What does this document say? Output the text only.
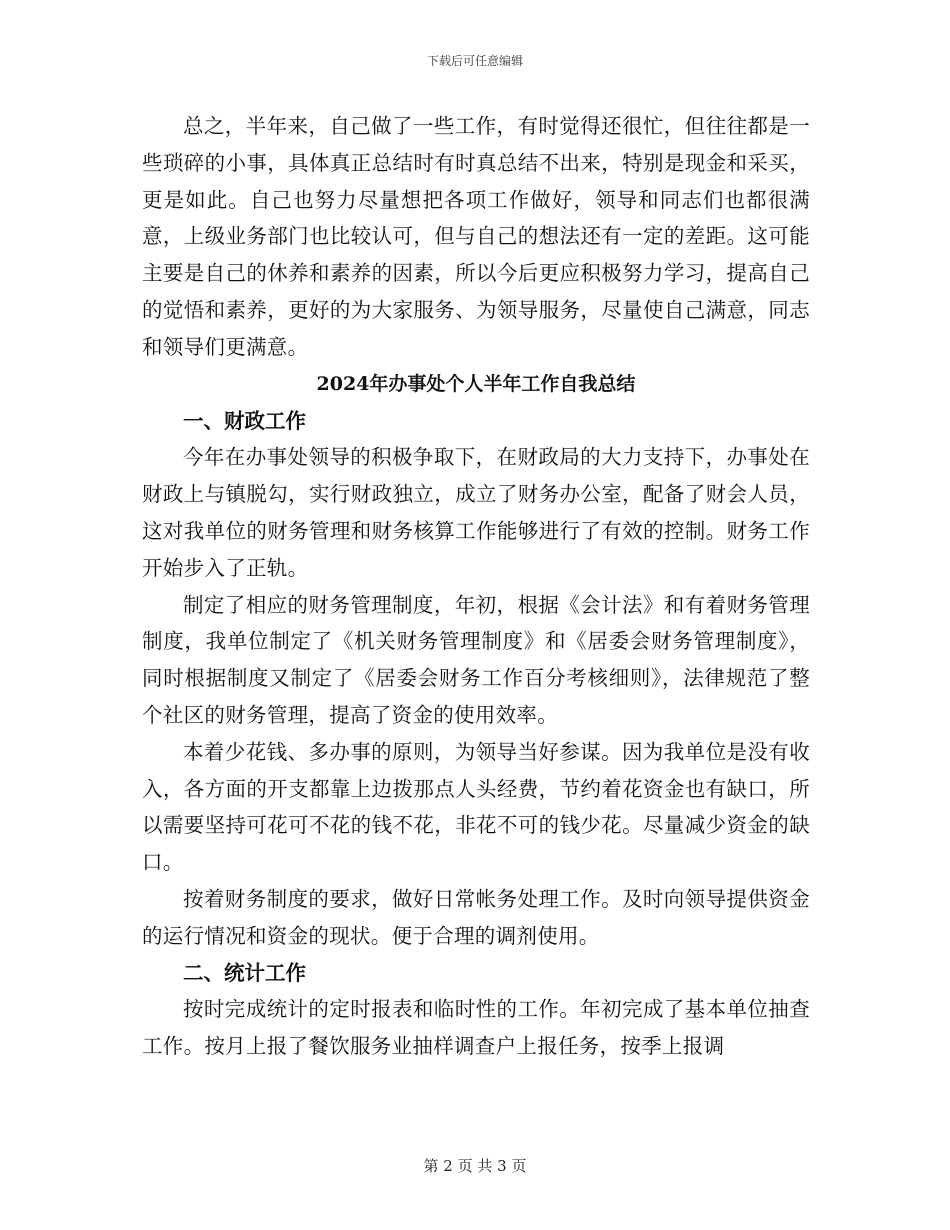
下载后可任意编辑

总之，半年来，自己做了一些工作，有时觉得还很忙，但往往都是一些琐碎的小事，具体真正总结时有时真总结不出来，特别是现金和采买，更是如此。自己也努力尽量想把各项工作做好，领导和同志们也都很满意，上级业务部门也比较认可，但与自己的想法还有一定的差距。这可能主要是自己的休养和素养的因素，所以今后更应积极努力学习，提高自己的觉悟和素养，更好的为大家服务、为领导服务，尽量使自己满意，同志和领导们更满意。

2024年办事处个人半年工作自我总结
一、财政工作

今年在办事处领导的积极争取下，在财政局的大力支持下，办事处在财政上与镇脱勾，实行财政独立，成立了财务办公室，配备了财会人员，这对我单位的财务管理和财务核算工作能够进行了有效的控制。财务工作开始步入了正轨。

制定了相应的财务管理制度，年初，根据《会计法》和有着财务管理制度，我单位制定了《机关财务管理制度》和《居委会财务管理制度》，同时根据制度又制定了《居委会财务工作百分考核细则》，法律规范了整个社区的财务管理，提高了资金的使用效率。

本着少花钱、多办事的原则，为领导当好参谋。因为我单位是没有收入，各方面的开支都靠上边拨那点人头经费，节约着花资金也有缺口，所以需要坚持可花可不花的钱不花，非花不可的钱少花。尽量减少资金的缺口。

按着财务制度的要求，做好日常帐务处理工作。及时向领导提供资金的运行情况和资金的现状。便于合理的调剂使用。

二、统计工作

按时完成统计的定时报表和临时性的工作。年初完成了基本单位抽查工作。按月上报了餐饮服务业抽样调查户上报任务，按季上报调

第 2 页 共 3 页
